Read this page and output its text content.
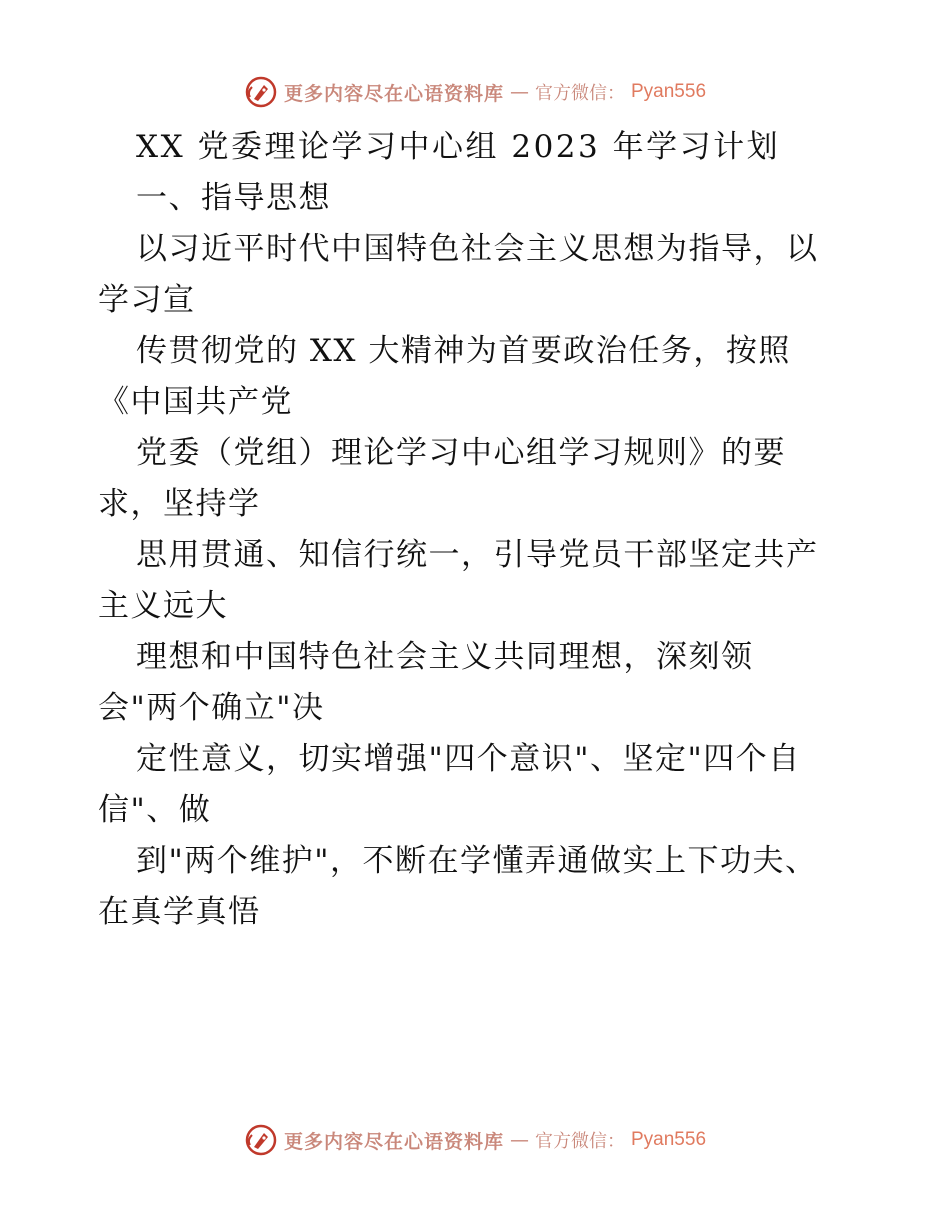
更多内容尽在心语资料库 — 官方微信： Pyan556
XX 党委理论学习中心组 2023 年学习计划
一、指导思想
以习近平时代中国特色社会主义思想为指导，以
学习宣
传贯彻党的 XX 大精神为首要政治任务，按照
《中国共产党
党委（党组）理论学习中心组学习规则》的要
求，坚持学
思用贯通、知信行统一，引导党员干部坚定共产
主义远大
理想和中国特色社会主义共同理想，深刻领
会"两个确立"决
定性意义，切实增强"四个意识"、坚定"四个自
信"、做
到"两个维护"，不断在学懂弄通做实上下功夫、
在真学真悟
更多内容尽在心语资料库 — 官方微信： Pyan556
